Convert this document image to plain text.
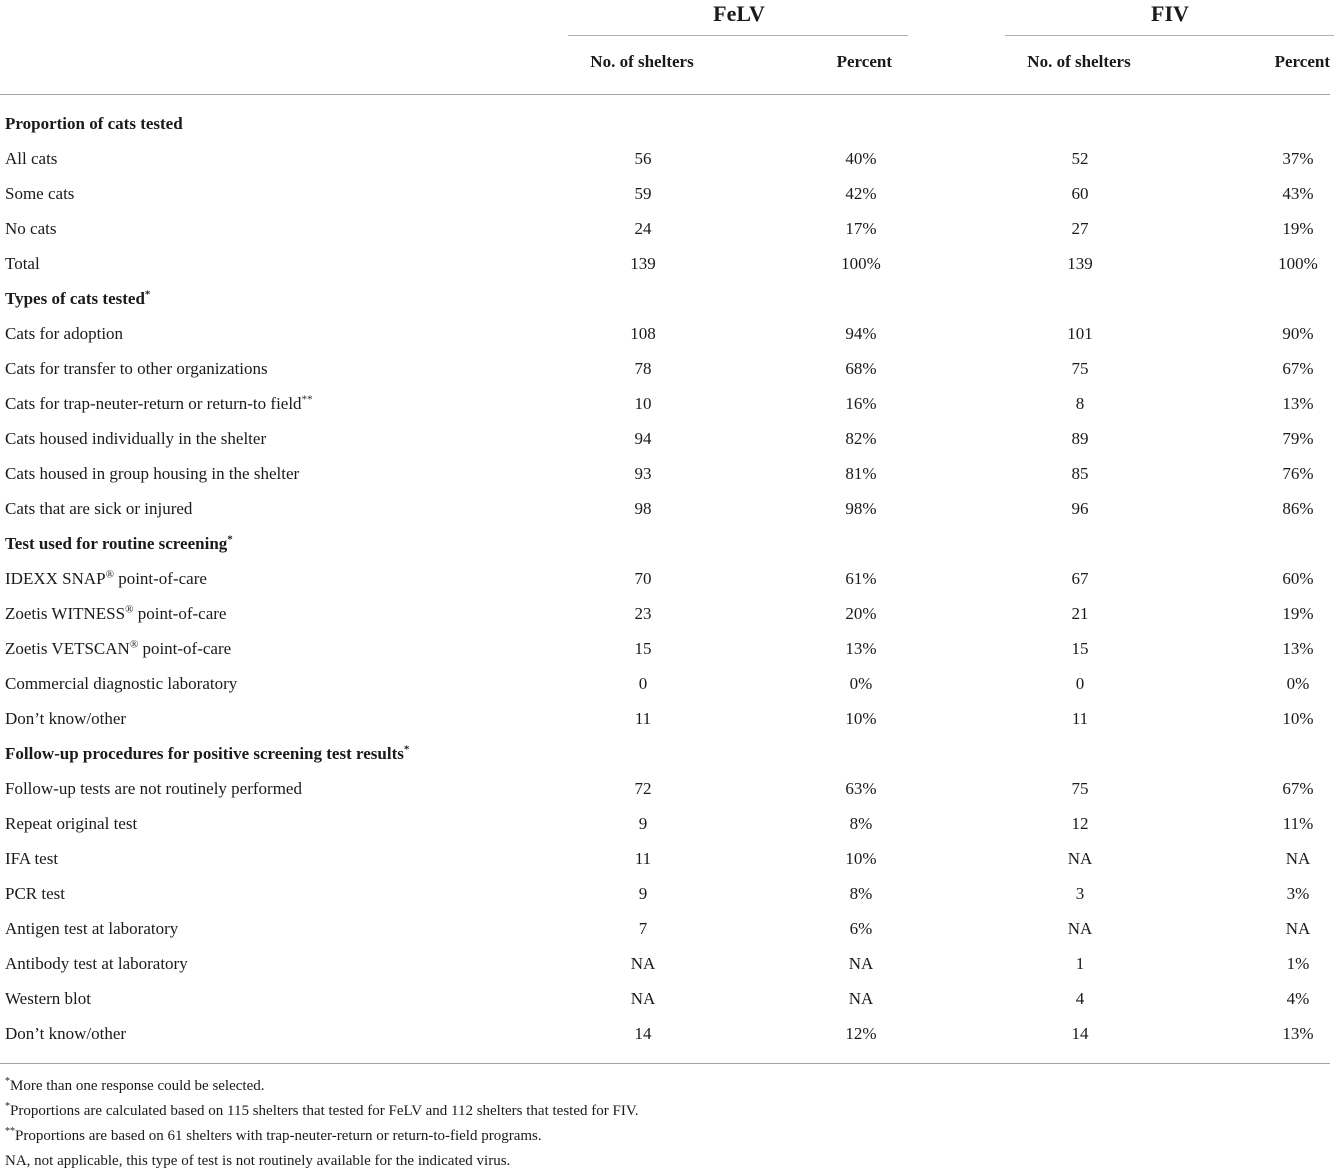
FeLV	FIV
No. of shelters	Percent	No. of shelters	Percent
Proportion of cats tested
All cats	56	40%	52	37%
Some cats	59	42%	60	43%
No cats	24	17%	27	19%
Total	139	100%	139	100%
Types of cats tested*
Cats for adoption	108	94%	101	90%
Cats for transfer to other organizations	78	68%	75	67%
Cats for trap-neuter-return or return-to field**	10	16%	8	13%
Cats housed individually in the shelter	94	82%	89	79%
Cats housed in group housing in the shelter	93	81%	85	76%
Cats that are sick or injured	98	98%	96	86%
Test used for routine screening*
IDEXX SNAP® point-of-care	70	61%	67	60%
Zoetis WITNESS® point-of-care	23	20%	21	19%
Zoetis VETSCAN® point-of-care	15	13%	15	13%
Commercial diagnostic laboratory	0	0%	0	0%
Don’t know/other	11	10%	11	10%
Follow-up procedures for positive screening test results*
Follow-up tests are not routinely performed	72	63%	75	67%
Repeat original test	9	8%	12	11%
IFA test	11	10%	NA	NA
PCR test	9	8%	3	3%
Antigen test at laboratory	7	6%	NA	NA
Antibody test at laboratory	NA	NA	1	1%
Western blot	NA	NA	4	4%
Don’t know/other	14	12%	14	13%
*More than one response could be selected.
*Proportions are calculated based on 115 shelters that tested for FeLV and 112 shelters that tested for FIV.
**Proportions are based on 61 shelters with trap-neuter-return or return-to-field programs.
NA, not applicable, this type of test is not routinely available for the indicated virus.
